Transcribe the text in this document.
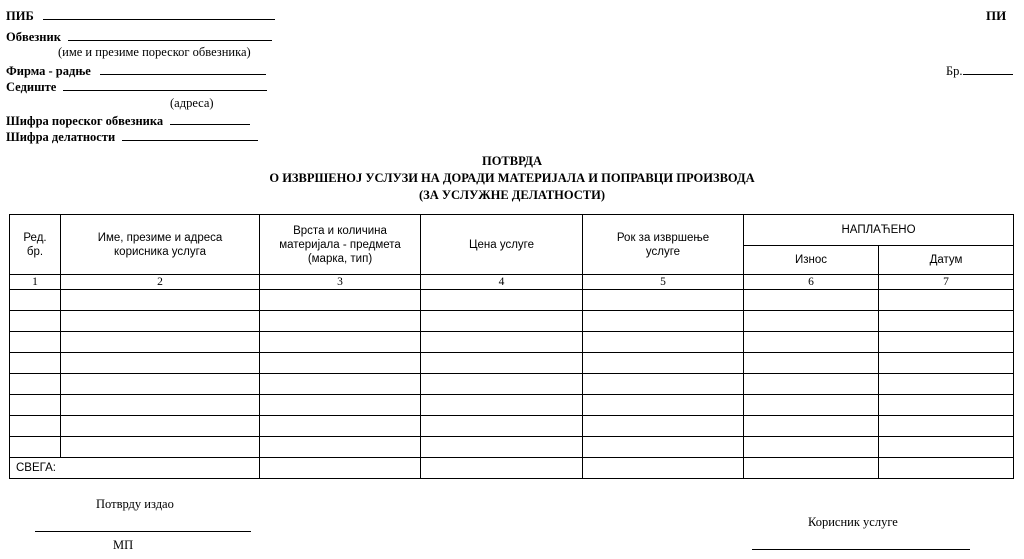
ПИБ	ПИ
Обвезник
(име и презиме пореског обвезника)
Фирма - радње	Бр.
Седиште
(адреса)
Шифра пореског обвезника
Шифра делатности
ПОТВРДА
О ИЗВРШЕНОЈ УСЛУЗИ НА ДОРАДИ МАТЕРИЈАЛА И ПОПРАВЦИ ПРОИЗВОДА
(ЗА УСЛУЖНЕ ДЕЛАТНОСТИ)
Ред. бр.	Име, презиме и адреса корисника услуга	Врста и количина материјала - предмета (марка, тип)	Цена услуге	Рок за извршење услуге	НАПЛАЋЕНО	
					Износ	Датум
1	2	3	4	5	6	7

СВЕГА:						
Потврду издао
МП
Корисник услуге
